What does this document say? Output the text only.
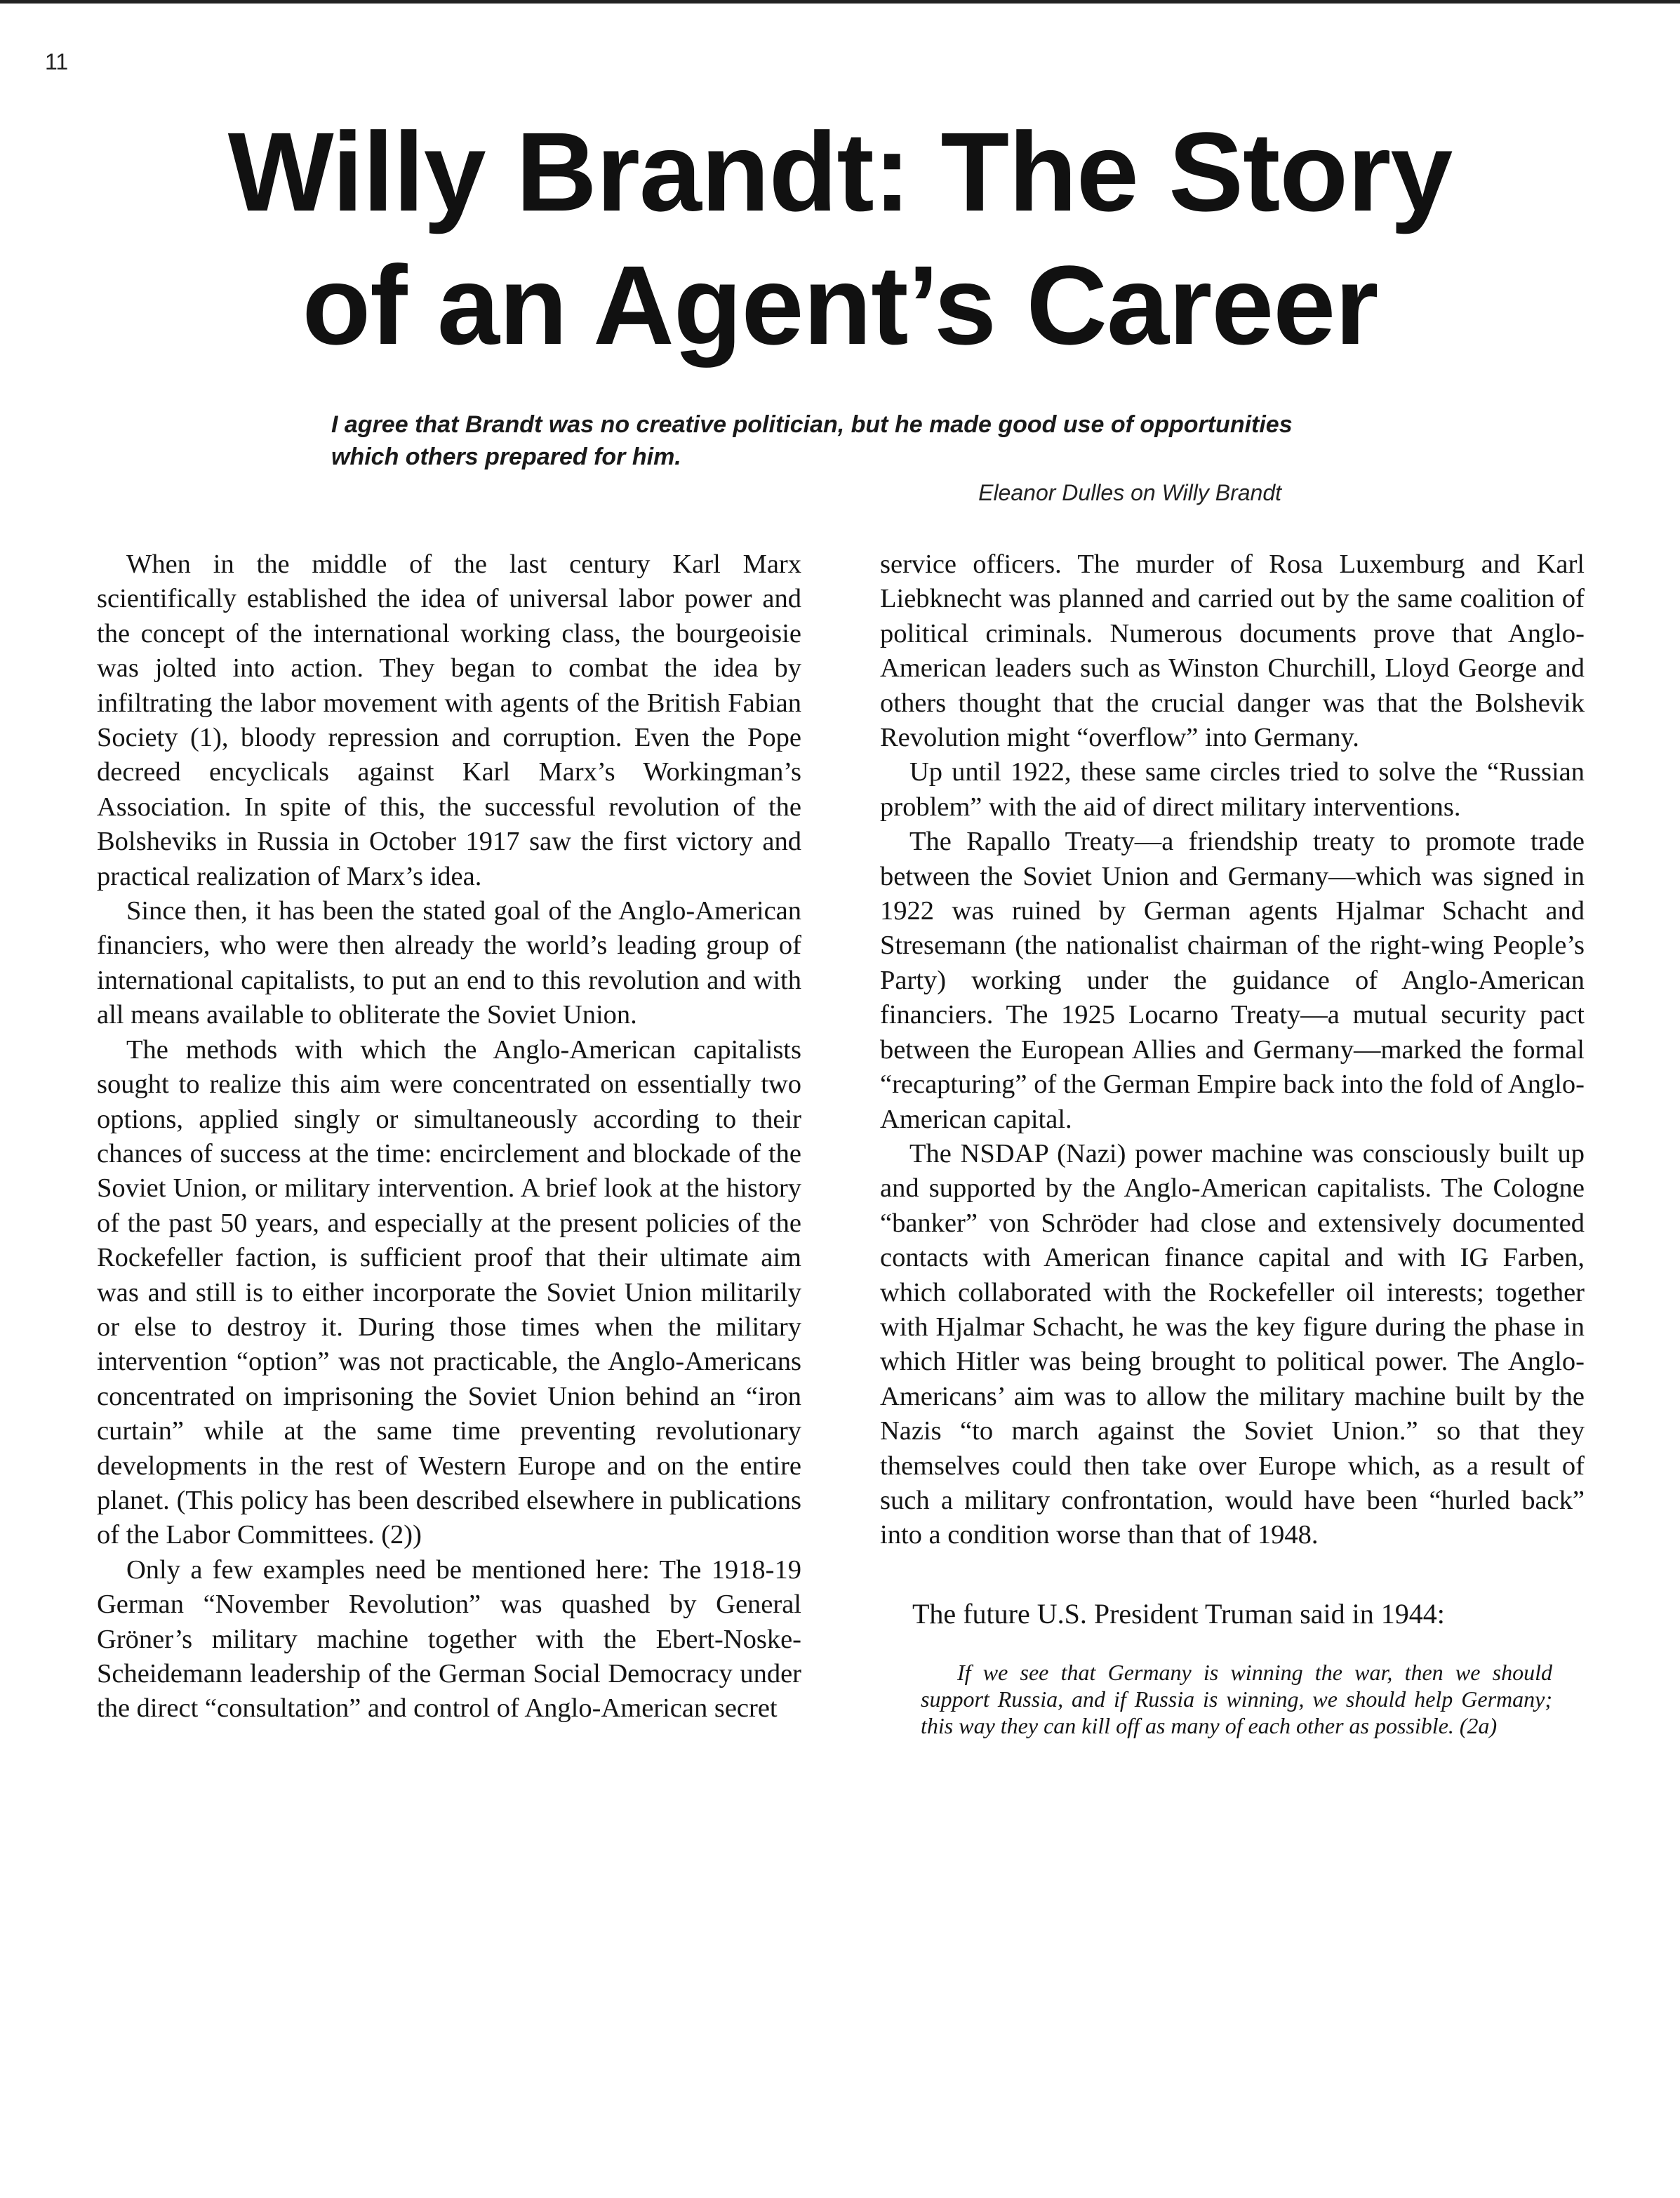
11
Willy Brandt: The Story
of an Agent’s Career
I agree that Brandt was no creative politician, but he made good use of opportunities which others prepared for him.
Eleanor Dulles on Willy Brandt

When in the middle of the last century Karl Marx scientifically established the idea of universal labor power and the concept of the international working class, the bourgeoisie was jolted into action. They began to combat the idea by infiltrating the labor movement with agents of the British Fabian Society (1), bloody repression and corruption. Even the Pope decreed encyclicals against Karl Marx’s Workingman’s Association. In spite of this, the successful revolution of the Bolsheviks in Russia in October 1917 saw the first victory and practical realization of Marx’s idea.

Since then, it has been the stated goal of the Anglo-American financiers, who were then already the world’s leading group of international capitalists, to put an end to this revolution and with all means available to obliterate the Soviet Union.

The methods with which the Anglo-American capitalists sought to realize this aim were concentrated on essentially two options, applied singly or simultaneously according to their chances of success at the time: encirclement and blockade of the Soviet Union, or military intervention. A brief look at the history of the past 50 years, and especially at the present policies of the Rockefeller faction, is sufficient proof that their ultimate aim was and still is to either incorporate the Soviet Union militarily or else to destroy it. During those times when the military intervention “option” was not practicable, the Anglo-Americans concentrated on imprisoning the Soviet Union behind an “iron curtain” while at the same time preventing revolutionary developments in the rest of Western Europe and on the entire planet. (This policy has been described elsewhere in publications of the Labor Committees. (2))

Only a few examples need be mentioned here: The 1918-19 German “November Revolution” was quashed by General Gröner’s military machine together with the Ebert-Noske-Scheidemann leadership of the German Social Democracy under the direct “consultation” and control of Anglo-American secret

service officers. The murder of Rosa Luxemburg and Karl Liebknecht was planned and carried out by the same coalition of political criminals. Numerous documents prove that Anglo-American leaders such as Winston Churchill, Lloyd George and others thought that the crucial danger was that the Bolshevik Revolution might “overflow” into Germany.

Up until 1922, these same circles tried to solve the “Russian problem” with the aid of direct military interventions.

The Rapallo Treaty—a friendship treaty to promote trade between the Soviet Union and Germany—which was signed in 1922 was ruined by German agents Hjalmar Schacht and Stresemann (the nationalist chairman of the right-wing People’s Party) working under the guidance of Anglo-American financiers. The 1925 Locarno Treaty—a mutual security pact between the European Allies and Germany—marked the formal “recapturing” of the German Empire back into the fold of Anglo-American capital.

The NSDAP (Nazi) power machine was consciously built up and supported by the Anglo-American capitalists. The Cologne “banker” von Schröder had close and extensively documented contacts with American finance capital and with IG Farben, which collaborated with the Rockefeller oil interests; together with Hjalmar Schacht, he was the key figure during the phase in which Hitler was being brought to political power. The Anglo-Americans’ aim was to allow the military machine built by the Nazis “to march against the Soviet Union.” so that they themselves could then take over Europe which, as a result of such a military confrontation, would have been “hurled back” into a condition worse than that of 1948.

The future U.S. President Truman said in 1944:

If we see that Germany is winning the war, then we should support Russia, and if Russia is winning, we should help Germany; this way they can kill off as many of each other as possible. (2a)
